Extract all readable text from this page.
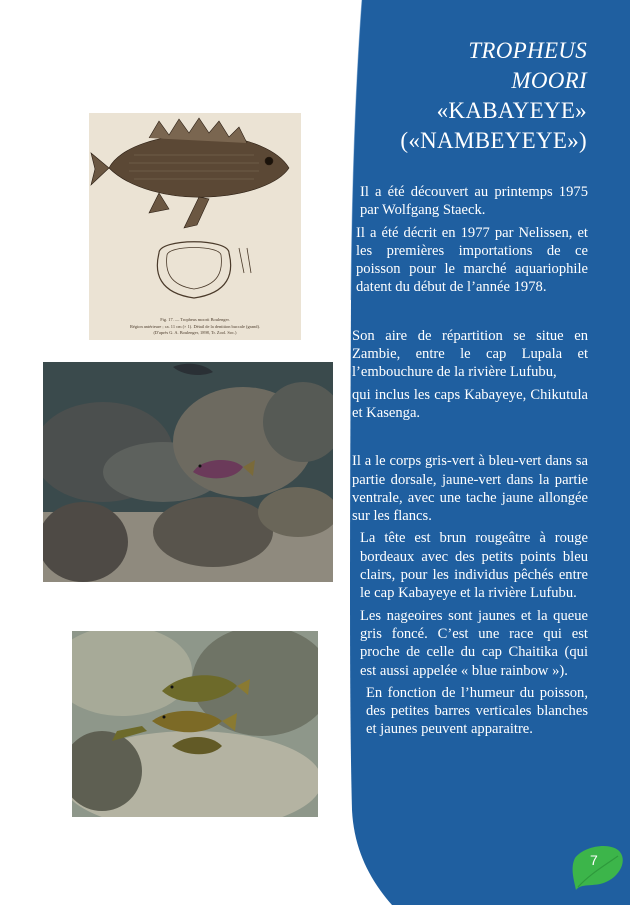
Fig. 17. — Tropheus moorii Boulenger.
Région antérieure ; ca. 11 cm (× 1). Détail de la dentition buccale (grand).
(D'après G. A. Boulenger, 1898, Tr. Zool. Soc.)
TROPHEUS MOORI «KABAYEYE» («NAMBEYEYE»)

Il a été découvert au printemps 1975 par Wolfgang Staeck.

Il a été décrit en 1977 par Nelissen, et les premières importations de ce poisson pour le marché aquariophile datent du début de l’année 1978.

Son aire de répartition se situe en Zambie, entre le cap Lupala et l’embouchure de la rivière Lufubu,

qui inclus les caps Kabayeye, Chikutula et Kasenga.

Il a le corps gris-vert à bleu-vert dans sa partie dorsale, jaune-vert dans la partie ventrale, avec une tache jaune allongée sur les flancs.

La tête est brun rougeâtre à rouge bordeaux avec des petits points bleu clairs, pour les individus pêchés entre le cap Kabayeye et la rivière Lufubu.

Les nageoires sont jaunes et la queue gris foncé. C’est une race qui est proche de celle du cap Chaitika (qui est aussi appelée « blue rainbow »).

En fonction de l’humeur du poisson, des petites barres verticales blanches et jaunes peuvent apparaitre.

7
